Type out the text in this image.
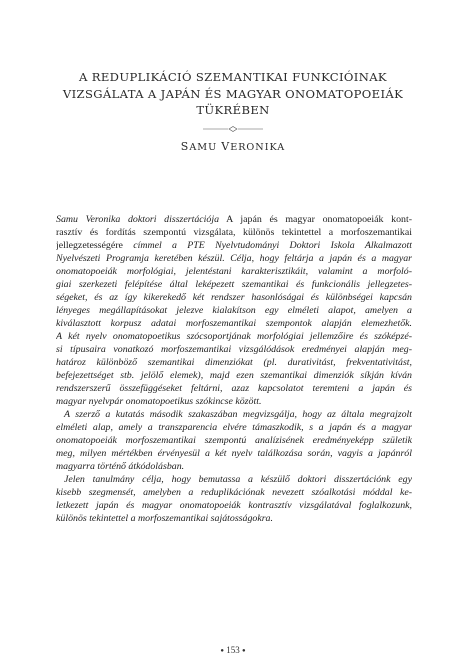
A REDUPLIKÁCIÓ SZEMANTIKAI FUNKCIÓINAK
VIZSGÁLATA A JAPÁN ÉS MAGYAR ONOMATOPOEIÁK
TÜKRÉBEN
SAMU VERONIKA
Samu Veronika doktori disszertációja A japán és magyar onomatopoeiák kont-
rasztív és fordítás szempontú vizsgálata, különös tekintettel a morfoszemantikai
jellegzetességére címmel a PTE Nyelvtudományi Doktori Iskola Alkalmazott
Nyelvészeti Programja keretében készül. Célja, hogy feltárja a japán és a magyar
onomatopoeiák morfológiai, jelentéstani karakterisztikáit, valamint a morfoló-
giai szerkezeti felépítése által leképezett szemantikai és funkcionális jellegzetes-
ségeket, és az így kikerekedő két rendszer hasonlóságai és különbségei kapcsán
lényeges megállapításokat jelezve kialakítson egy elméleti alapot, amelyen a
kiválasztott korpusz adatai morfoszemantikai szempontok alapján elemezhetők.
A két nyelv onomatopoetikus szócsoportjának morfológiai jellemzőire és szóképzé-
si típusaira vonatkozó morfoszemantikai vizsgálódások eredményei alapján meg-
határoz különböző szemantikai dimenziókat (pl. durativitást, frekventativitást,
befejezettséget stb. jelölő elemek), majd ezen szemantikai dimenziók síkján kíván
rendszerszerű összefüggéseket feltárni, azaz kapcsolatot teremteni a japán és
magyar nyelvpár onomatopoetikus szókincse között.
A szerző a kutatás második szakaszában megvizsgálja, hogy az általa megrajzolt
elméleti alap, amely a transzparencia elvére támaszkodik, s a japán és a magyar
onomatopoeiák morfoszemantikai szempontú analízisének eredményeképp születik
meg, milyen mértékben érvényesül a két nyelv találkozása során, vagyis a japánról
magyarra történő átkódolásban.
Jelen tanulmány célja, hogy bemutassa a készülő doktori disszertációnk egy
kisebb szegmensét, amelyben a reduplikációnak nevezett szóalkotási móddal ke-
letkezett japán és magyar onomatopoeiák kontrasztív vizsgálatával foglalkozunk,
különös tekintettel a morfoszemantikai sajátosságokra.
● 153 ●
